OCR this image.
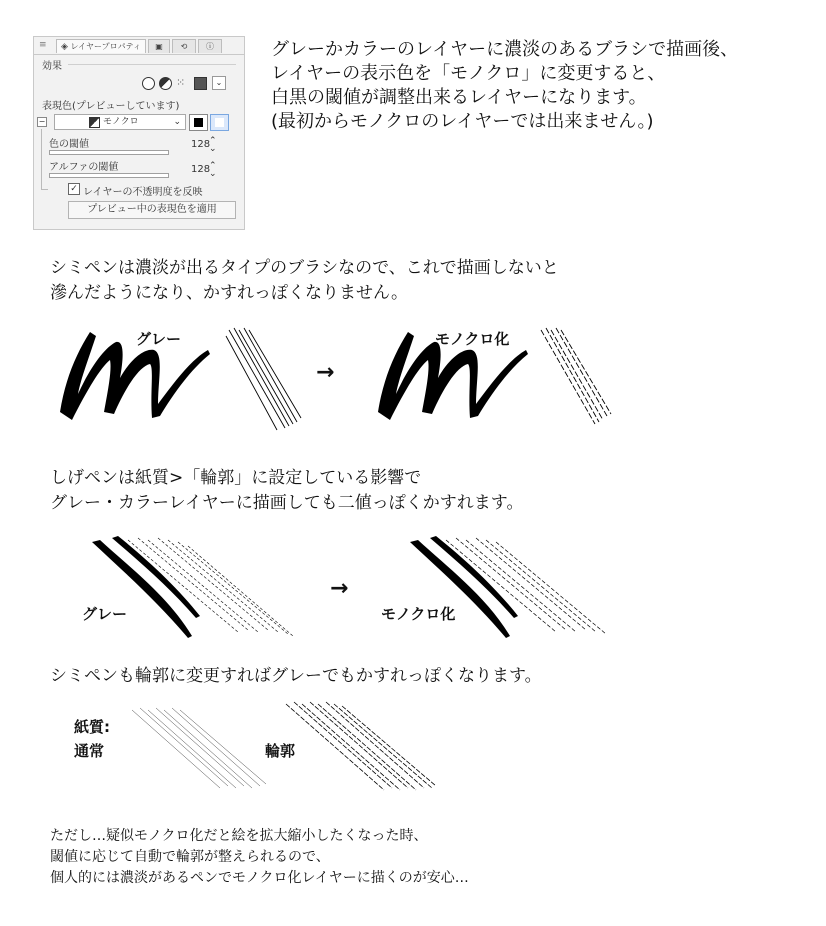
≡	◈ レイヤープロパティ	▣	⟲	ⓘ
効果
⁙	⌄
表現色(プレビューしています)
−	モノクロ	⌄
色の閾値	128
⌃
⌄
アルファの閾値	128
⌃
⌄
✓ レイヤーの不透明度を反映
プレビュー中の表現色を適用
グレーかカラーのレイヤーに濃淡のあるブラシで描画後、
レイヤーの表示色を「モノクロ」に変更すると、
白黒の閾値が調整出来るレイヤーになります。
(最初からモノクロのレイヤーでは出来ません。)
シミペンは濃淡が出るタイプのブラシなので、これで描画しないと
滲んだようになり、かすれっぽくなりません。
グレー
→
モノクロ化
しげペンは紙質>「輪郭」に設定している影響で
グレー・カラーレイヤーに描画しても二値っぽくかすれます。
グレー
→
モノクロ化
シミペンも輪郭に変更すればグレーでもかすれっぽくなります。
紙質:
通常	輪郭
ただし…疑似モノクロ化だと絵を拡大縮小したくなった時、
閾値に応じて自動で輪郭が整えられるので、
個人的には濃淡があるペンでモノクロ化レイヤーに描くのが安心…
